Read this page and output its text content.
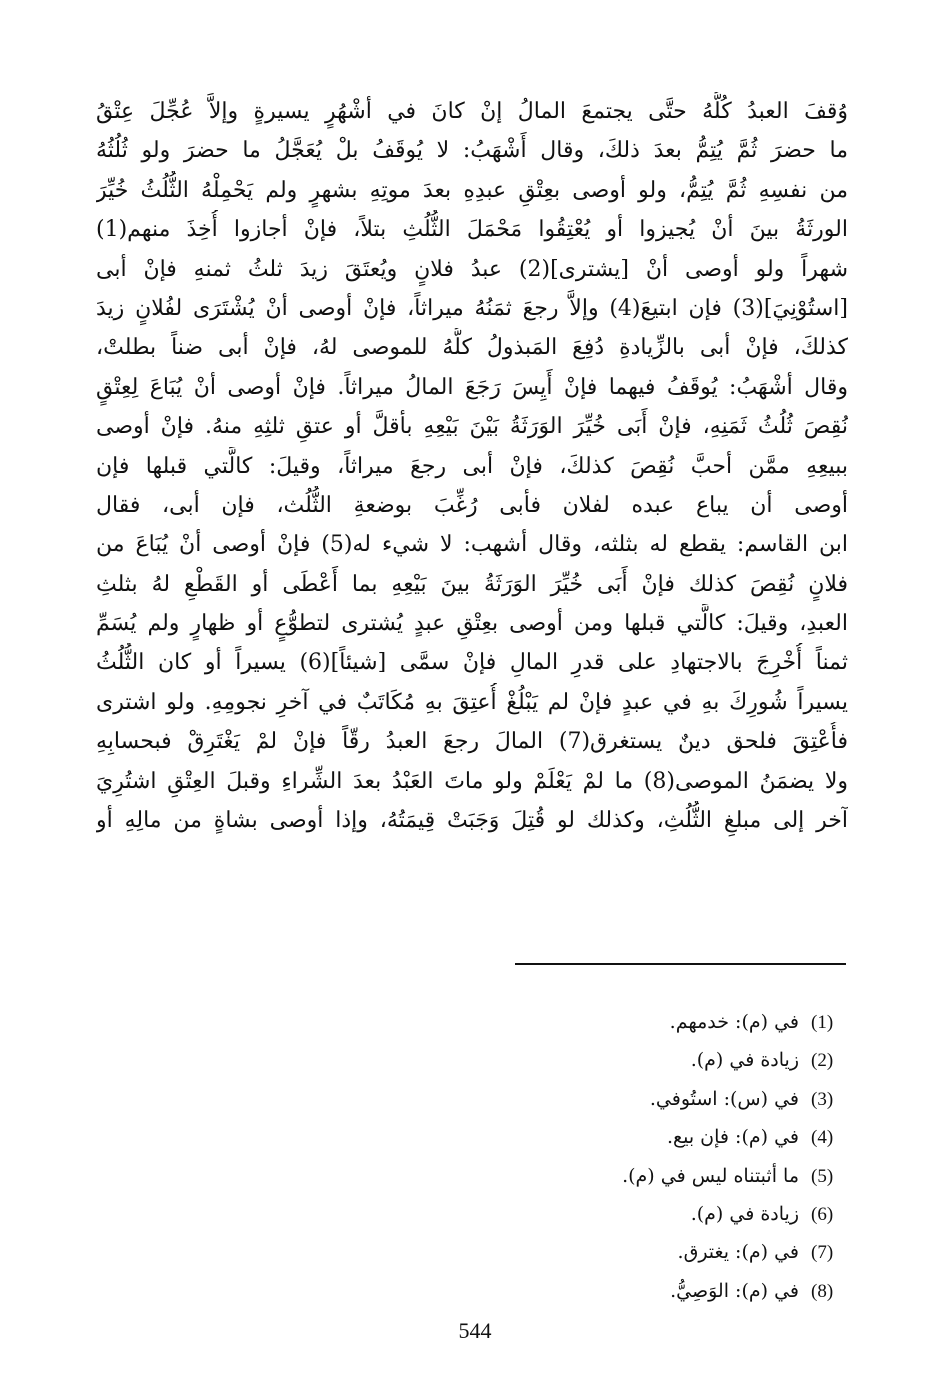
وُقفَ العبدُ كُلُّهُ حتَّى يجتمعَ المالُ إنْ كانَ في أشْهُرٍ يسيرةٍ وإلاَّ عُجِّلَ عِتْقُ
ما حضرَ ثُمَّ يُتِمُّ بعدَ ذلكَ، وقال أَشْهَبُ: لا يُوقَفُ بلْ يُعَجَّلُ ما حضرَ ولو ثُلُثُهُ
من نفسِهِ ثُمَّ يُتِمُّ، ولو أوصى بعِتْقِ عبدِهِ بعدَ موتِهِ بشهرٍ ولم يَحْمِلْهُ الثُّلُثُ خُيِّرَ
الورثَةُ بينَ أنْ يُجيزوا أو يُعْتِقُوا مَحْمَلَ الثُّلُثِ بتلاً، فإنْ أجازوا أُخِذَ منهم(1)
شهراً ولو أوصى أنْ [يشترى](2) عبدُ فلانٍ ويُعتَقَ زيدَ ثلثُ ثمنهِ فإنْ أبى
[استُوْنِيَ](3) فإن ابتيعَ(4) وإلاَّ رجعَ ثمَنُهُ ميراثاً، فإنْ أوصى أنْ يُشْتَرَى لفُلانٍ زيدَ
كذلكَ، فإنْ أبى بالزِّيادةِ دُفِعَ المَبذولُ كلُّهُ للموصى لهُ، فإنْ أبى ضناً بطلتْ،
وقال أشْهَبُ: يُوقَفُ فيهما فإنْ أَيِسَ رَجَعَ المالُ ميراثاً. فإنْ أوصى أنْ يُبَاعَ لِعِتْقٍ
نُقِصَ ثُلُثُ ثَمَنِهِ، فإنْ أَبَى خُيِّرَ الوَرَثَةُ بَيْنَ بَيْعِهِ بأقلَّ أو عتقِ ثلثِهِ منهُ. فإنْ أوصى
ببيعِهِ ممَّن أحبَّ نُقِصَ كذلكَ، فإنْ أبى رجعَ ميراثاً، وقيلَ: كالَّتي قبلها فإن
أوصى أن يباع عبده لفلان فأبى رُغِّبَ بوضعةِ الثُّلُث، فإن أبى، فقال
ابن القاسم: يقطع له بثلثه، وقال أشهب: لا شيء له(5) فإنْ أوصى أنْ يُبَاعَ من
فلانٍ نُقِصَ كذلك فإنْ أَبَى خُيِّرَ الوَرَثَةُ بينَ بَيْعِهِ بما أَعْطَى أو القَطْعِ لهُ بثلثِ
العبدِ، وقيلَ: كالَّتي قبلها ومن أوصى بعِتْقِ عبدٍ يُشترى لتطوُّعٍ أو ظهارٍ ولم يُسَمِّ
ثمناً أُخْرِجَ بالاجتهادِ على قدرِ المالِ فإنْ سمَّى [شيئاً](6) يسيراً أو كان الثُّلُثُ
يسيراً شُورِكَ بهِ في عبدٍ فإنْ لم يَبْلُغْ أُعتِقَ بهِ مُكَاتَبٌ في آخرِ نجومِهِ. ولو اشترى
فأُعْتِقَ فلحق دينٌ يستغرق(7) المالَ رجعَ العبدُ رقّاً فإنْ لمْ يَغْتَرِقْ فبحسابِهِ
ولا يضمَنُ الموصى(8) ما لمْ يَعْلَمْ ولو ماتَ العَبْدُ بعدَ الشِّراءِ وقبلَ العِتْقِ اشتُرِيَ
آخر إلى مبلغِ الثُّلُثِ، وكذلك لو قُتِلَ وَجَبَتْ قِيمَتُهُ، وإذا أوصى بشاةٍ من مالِهِ أو
(1)في (م): خدمهم.
(2)زيادة في (م).
(3)في (س): استُوفي.
(4)في (م): فإن بيع.
(5)ما أثبتناه ليس في (م).
(6)زيادة في (م).
(7)في (م): يغترق.
(8)في (م): الوَصِيُّ.
544
